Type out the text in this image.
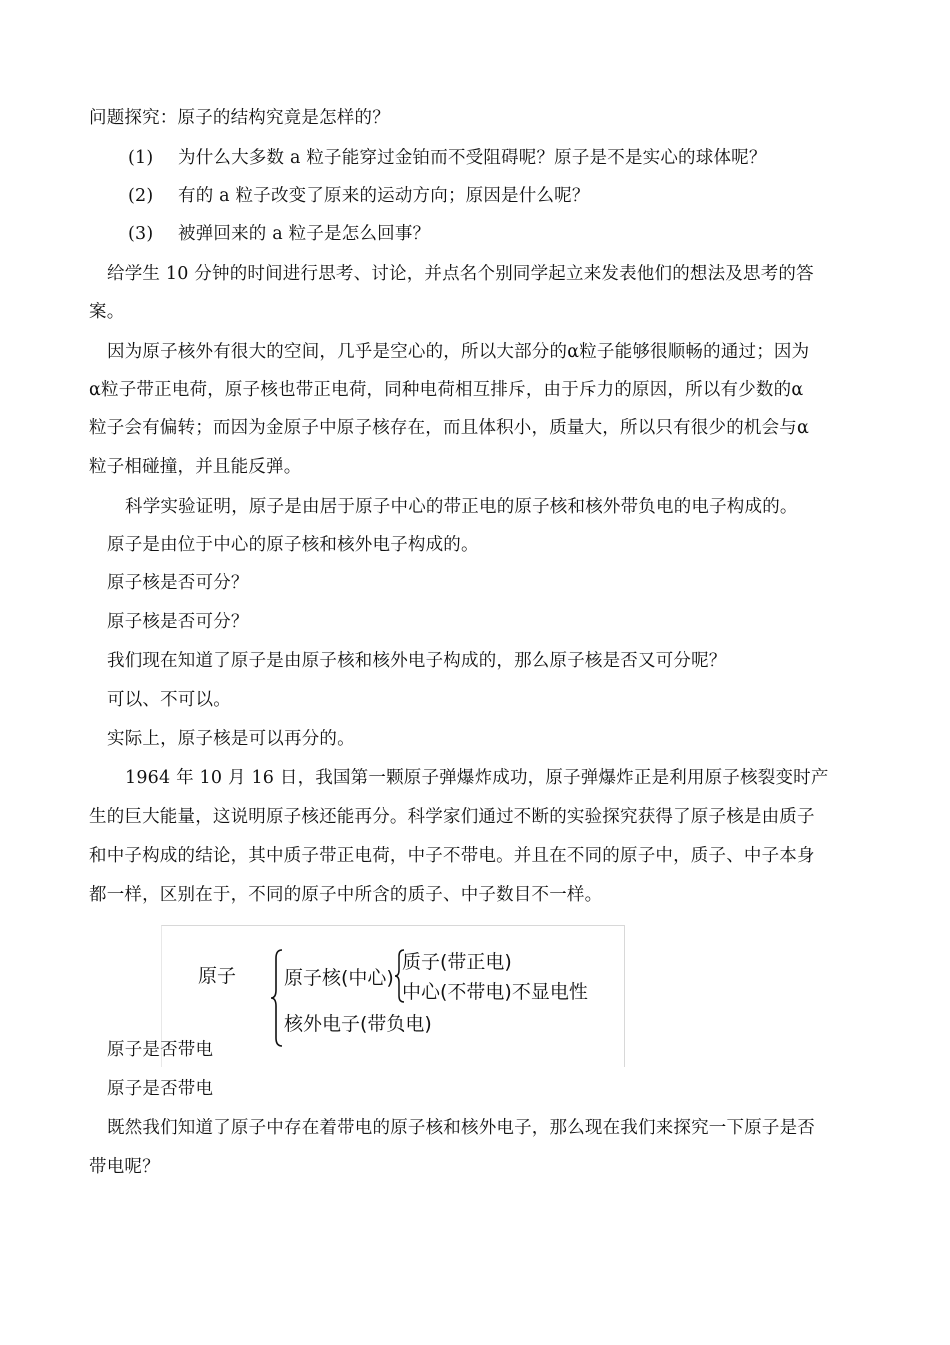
问题探究：原子的结构究竟是怎样的？
(1) 为什么大多数 a 粒子能穿过金铂而不受阻碍呢？原子是不是实心的球体呢？
(2) 有的 a 粒子改变了原来的运动方向；原因是什么呢？
(3) 被弹回来的 a 粒子是怎么回事？
给学生 10 分钟的时间进行思考、讨论，并点名个别同学起立来发表他们的想法及思考的答
案。
因为原子核外有很大的空间，几乎是空心的，所以大部分的α粒子能够很顺畅的通过；因为
α粒子带正电荷，原子核也带正电荷，同种电荷相互排斥，由于斥力的原因，所以有少数的α
粒子会有偏转；而因为金原子中原子核存在，而且体积小，质量大，所以只有很少的机会与α
粒子相碰撞，并且能反弹。
科学实验证明，原子是由居于原子中心的带正电的原子核和核外带负电的电子构成的。
原子是由位于中心的原子核和核外电子构成的。
原子核是否可分？
原子核是否可分？
我们现在知道了原子是由原子核和核外电子构成的，那么原子核是否又可分呢？
可以、不可以。
实际上，原子核是可以再分的。
1964 年 10 月 16 日，我国第一颗原子弹爆炸成功，原子弹爆炸正是利用原子核裂变时产
生的巨大能量，这说明原子核还能再分。科学家们通过不断的实验探究获得了原子核是由质子
和中子构成的结论，其中质子带正电荷，中子不带电。并且在不同的原子中，质子、中子本身
都一样，区别在于，不同的原子中所含的质子、中子数目不一样。
原子	原子核(中心)
质子(带正电)
中心(不带电)不显电性
核外电子(带负电)
原子是否带电
原子是否带电
既然我们知道了原子中存在着带电的原子核和核外电子，那么现在我们来探究一下原子是否
带电呢？
